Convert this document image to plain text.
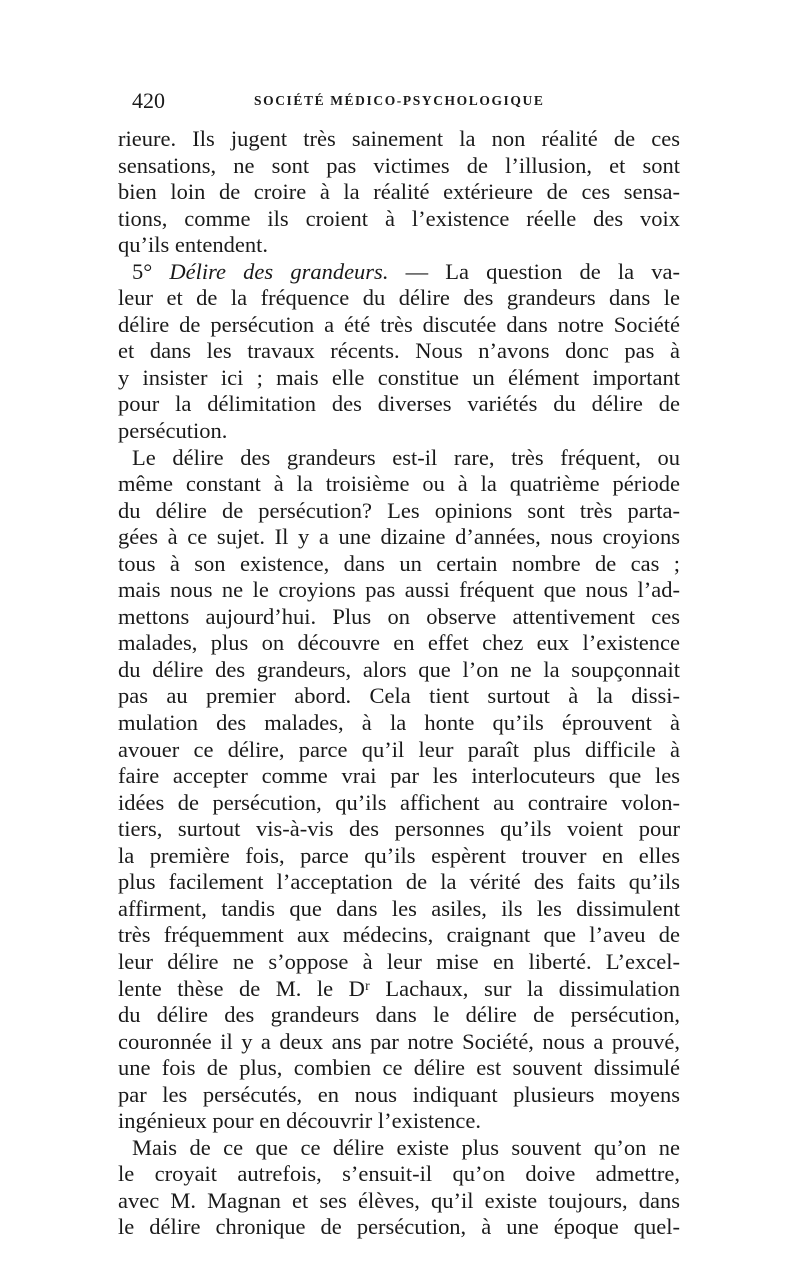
420	SOCIÉTÉ MÉDICO-PSYCHOLOGIQUE
rieure. Ils jugent très sainement la non réalité de ces
sensations, ne sont pas victimes de l’illusion, et sont
bien loin de croire à la réalité extérieure de ces sensa-
tions, comme ils croient à l’existence réelle des voix
qu’ils entendent.
5° Délire des grandeurs. — La question de la va-
leur et de la fréquence du délire des grandeurs dans le
délire de persécution a été très discutée dans notre Société
et dans les travaux récents. Nous n’avons donc pas à
y insister ici ; mais elle constitue un élément important
pour la délimitation des diverses variétés du délire de
persécution.
Le délire des grandeurs est-il rare, très fréquent, ou
même constant à la troisième ou à la quatrième période
du délire de persécution? Les opinions sont très parta-
gées à ce sujet. Il y a une dizaine d’années, nous croyions
tous à son existence, dans un certain nombre de cas ;
mais nous ne le croyions pas aussi fréquent que nous l’ad-
mettons aujourd’hui. Plus on observe attentivement ces
malades, plus on découvre en effet chez eux l’existence
du délire des grandeurs, alors que l’on ne la soupçonnait
pas au premier abord. Cela tient surtout à la dissi-
mulation des malades, à la honte qu’ils éprouvent à
avouer ce délire, parce qu’il leur paraît plus difficile à
faire accepter comme vrai par les interlocuteurs que les
idées de persécution, qu’ils affichent au contraire volon-
tiers, surtout vis-à-vis des personnes qu’ils voient pour
la première fois, parce qu’ils espèrent trouver en elles
plus facilement l’acceptation de la vérité des faits qu’ils
affirment, tandis que dans les asiles, ils les dissimulent
très fréquemment aux médecins, craignant que l’aveu de
leur délire ne s’oppose à leur mise en liberté. L’excel-
lente thèse de M. le Dʳ Lachaux, sur la dissimulation
du délire des grandeurs dans le délire de persécution,
couronnée il y a deux ans par notre Société, nous a prouvé,
une fois de plus, combien ce délire est souvent dissimulé
par les persécutés, en nous indiquant plusieurs moyens
ingénieux pour en découvrir l’existence.
Mais de ce que ce délire existe plus souvent qu’on ne
le croyait autrefois, s’ensuit-il qu’on doive admettre,
avec M. Magnan et ses élèves, qu’il existe toujours, dans
le délire chronique de persécution, à une époque quel-
